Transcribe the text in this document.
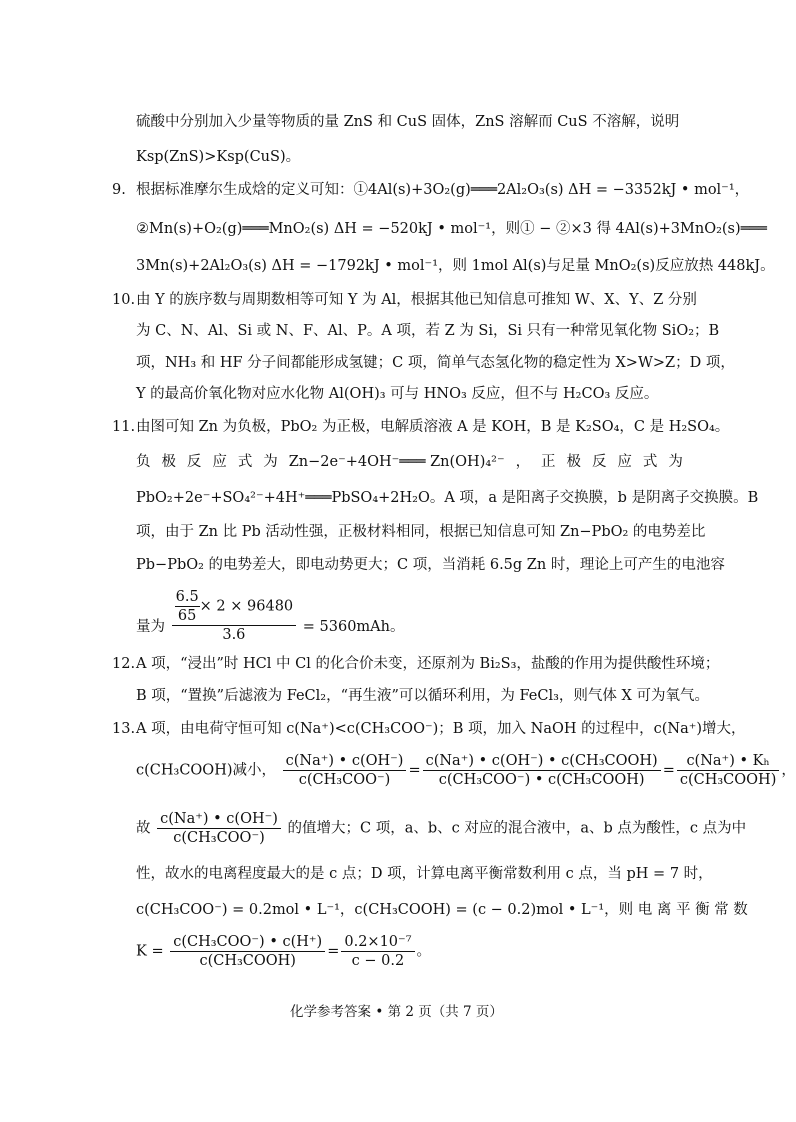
硫酸中分别加入少量等物质的量 ZnS 和 CuS 固体，ZnS 溶解而 CuS 不溶解，说明
Ksp(ZnS)>Ksp(CuS)。
9. 根据标准摩尔生成焓的定义可知：①4Al(s)+3O₂(g)═══2Al₂O₃(s) ΔH = −3352kJ • mol⁻¹，
②Mn(s)+O₂(g)═══MnO₂(s) ΔH = −520kJ • mol⁻¹，则① − ②×3 得 4Al(s)+3MnO₂(s)═══
3Mn(s)+2Al₂O₃(s) ΔH = −1792kJ • mol⁻¹，则 1mol Al(s)与足量 MnO₂(s)反应放热 448kJ。
10. 由 Y 的族序数与周期数相等可知 Y 为 Al，根据其他已知信息可推知 W、X、Y、Z 分别
为 C、N、Al、Si 或 N、F、Al、P。A 项，若 Z 为 Si，Si 只有一种常见氧化物 SiO₂；B
项，NH₃ 和 HF 分子间都能形成氢键；C 项，简单气态氢化物的稳定性为 X>W>Z；D 项，
Y 的最高价氧化物对应水化物 Al(OH)₃ 可与 HNO₃ 反应，但不与 H₂CO₃ 反应。
11. 由图可知 Zn 为负极，PbO₂ 为正极，电解质溶液 A 是 KOH，B 是 K₂SO₄，C 是 H₂SO₄。
负 极 反 应 式 为 Zn−2e⁻+4OH⁻═══ Zn(OH)₄²⁻ ， 正 极 反 应 式 为
PbO₂+2e⁻+SO₄²⁻+4H⁺═══PbSO₄+2H₂O。A 项，a 是阳离子交换膜，b 是阴离子交换膜。B
项，由于 Zn 比 Pb 活动性强，正极材料相同，根据已知信息可知 Zn−PbO₂ 的电势差比
Pb−PbO₂ 的电势差大，即电动势更大；C 项，当消耗 6.5g Zn 时，理论上可产生的电池容
量为 $\frac{\frac{6.5}{65} \times 2 \times 96480}{3.6} = 5360mAh$。
12. A 项，“浸出”时 HCl 中 Cl 的化合价未变，还原剂为 Bi₂S₃，盐酸的作用为提供酸性环境；
B 项，“置换”后滤液为 FeCl₂，“再生液”可以循环利用，为 FeCl₃，则气体 X 可为氧气。
13. A 项，由电荷守恒可知 c(Na⁺)<c(CH₃COO⁻)；B 项，加入 NaOH 的过程中，c(Na⁺)增大，
c(CH₃COOH)减小， $\frac{c(Na^+) • c(OH^-)}{\text{c(CH₃COO⁻)}} = \frac{\text{c(Na⁺) • c(OH⁻) • c(CH₃COOH)}}{\text{c(CH₃COO⁻) • c(CH₃COOH)}} = \frac{\text{c(Na⁺) • Kₕ}}{\text{c(CH₃COOH)}}$ ，
故 $\frac{c(Na^+) • c(OH^-)}{\text{c(CH₃COO⁻)}}$ 的值增大；C 项，a、b、c 对应的混合液中，a、b 点为酸性，c 点为中
性，故水的电离程度最大的是 c 点；D 项，计算电离平衡常数利用 c 点，当 pH = 7 时，
c(CH₃COO⁻) = 0.2mol • L⁻¹ ， c(CH₃COOH) = (c − 0.2)mol • L⁻¹ ， 则 电 离 平 衡 常 数
$K = \frac{\text{c(CH₃COO⁻) • c(H⁺)}}{\text{c(CH₃COOH)}} = \frac{\text{0.2×10⁻⁷}}{c - 0.2}$ 。
化学参考答案 • 第 2 页（共 7 页）
